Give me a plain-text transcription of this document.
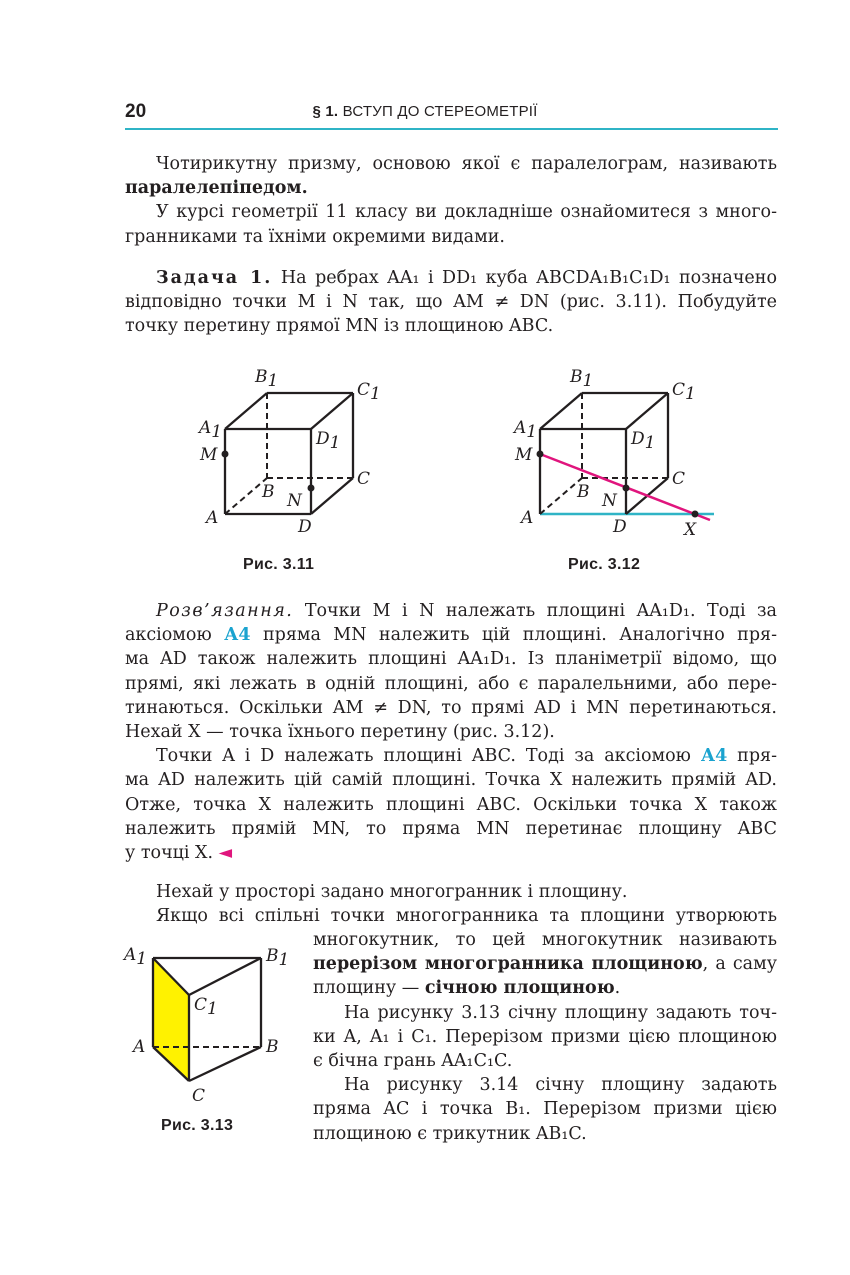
20	§ 1. ВСТУП ДО СТЕРЕОМЕТРІЇ
Чотирикутну призму, основою якої є паралелограм, називають
паралелепіпедом.
У курсі геометрії 11 класу ви докладніше ознайомитеся з много-
гранниками та їхніми окремими видами.
Задача 1. На ребрах AA₁ і DD₁ куба ABCDA₁B₁C₁D₁ позначено
відповідно точки M і N так, що AM ≠ DN (рис. 3.11). Побудуйте
точку перетину прямої MN із площиною ABC.
B1	C1
A1	D1
M
C
B N
A	D
Рис. 3.11
B1	C1
A1	D1
M
C
B N
A	D	X
Рис. 3.12
Розв’язання. Точки M і N належать площині AA₁D₁. Тоді за
аксіомою А4 пряма MN належить цій площині. Аналогічно пря-
ма AD також належить площині AA₁D₁. Із планіметрії відомо, що
прямі, які лежать в одній площині, або є паралельними, або пере-
тинаються. Оскільки AM ≠ DN, то прямі AD і MN перетинаються.
Нехай X — точка їхнього перетину (рис. 3.12).
Точки A і D належать площині ABC. Тоді за аксіомою А4 пря-
ма AD належить цій самій площині. Точка X належить прямій AD.
Отже, точка X належить площині ABC. Оскільки точка X також
належить прямій MN, то пряма MN перетинає площину ABC
у точці X. ◄
Нехай у просторі задано многогранник і площину.
Якщо всі спільні точки многогранника та площини утворюють
многокутник, то цей многокутник називають
перерізом многогранника площиною, а саму
площину — січною площиною.
На рисунку 3.13 січну площину задають точ-
ки A, A₁ і C₁. Перерізом призми цією площиною
є бічна грань AA₁C₁C.
На рисунку 3.14 січну площину задають
пряма AC і точка B₁. Перерізом призми цією
площиною є трикутник AB₁C.
A1	B1
C1
A	B
C
Рис. 3.13
